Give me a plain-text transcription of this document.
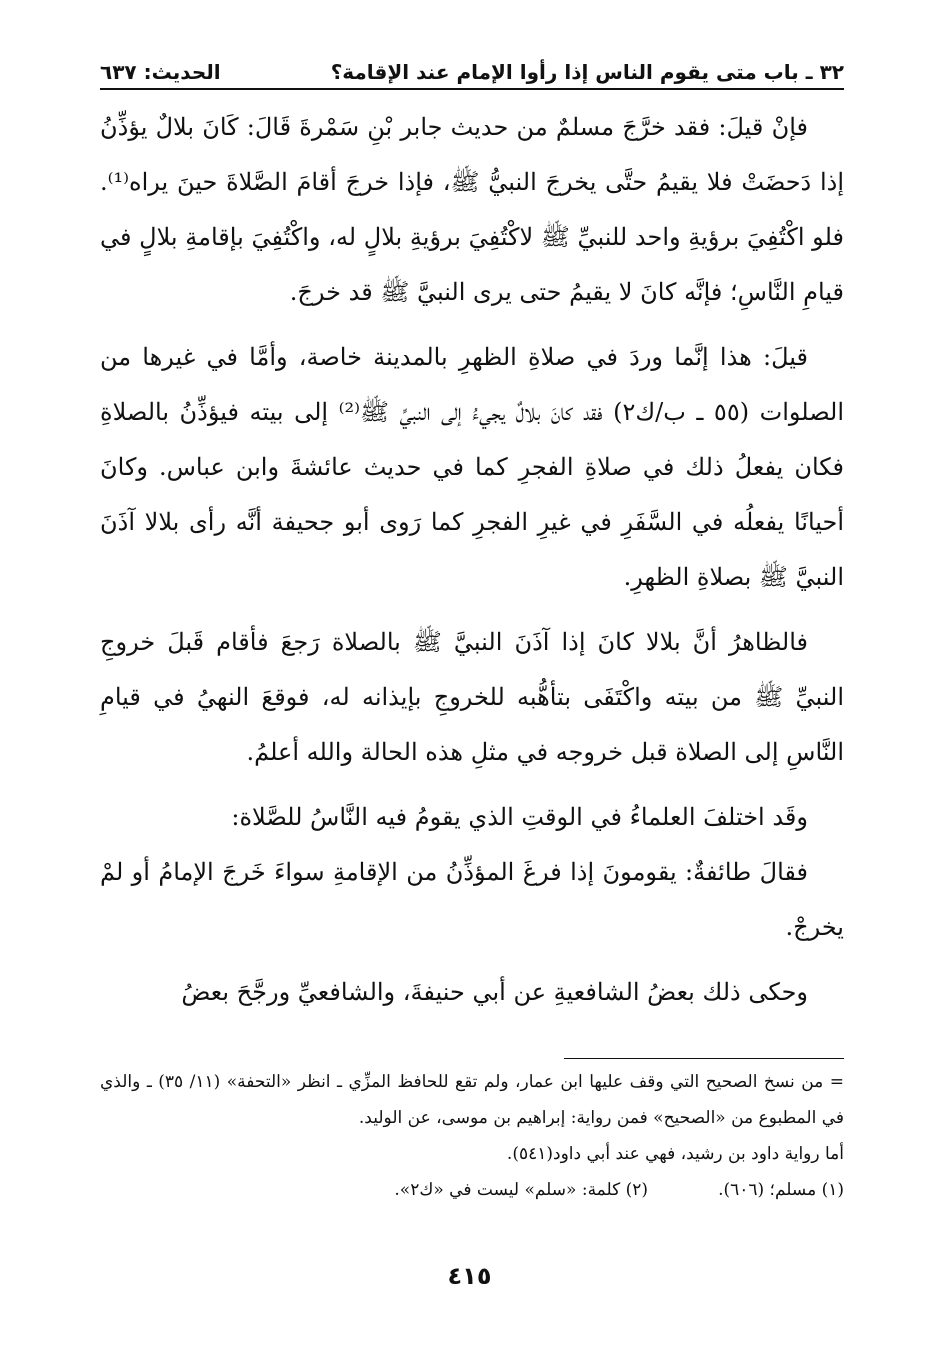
٣٢ ـ باب متى يقوم الناس إذا رأوا الإمام عند الإقامة؟
الحديث: ٦٣٧

فإنْ قيلَ: فقد خرَّجَ مسلمٌ من حديث جابر بْنِ سَمْرةَ قَالَ: كَانَ بلالٌ يؤذِّنُ إذا دَحضَتْ فلا يقيمُ حتَّى يخرجَ النبيُّ ﷺ، فإذا خرجَ أقامَ الصَّلاةَ حينَ يراه⁽¹⁾. فلو اكْتُفِيَ برؤيةِ واحد للنبيِّ ﷺ لاكْتُفِيَ برؤيةِ بلالٍ له، واكْتُفِيَ بإقامةِ بلالٍ في قيامِ النَّاسِ؛ فإنَّه كانَ لا يقيمُ حتى يرى النبيَّ ﷺ قد خرجَ.

قيلَ: هذا إنَّما وردَ في صلاةِ الظهرِ بالمدينة خاصة، وأمَّا في غيرها من الصلوات (٥٥ ـ ب/ك٢) فقد كانَ بلالٌ يجيءُ إلى النبيِّ ﷺ⁽²⁾ إلى بيته فيؤذِّنُ بالصلاةِ فكان يفعلُ ذلك في صلاةِ الفجرِ كما في حديث عائشةَ وابن عباس. وكانَ أحيانًا يفعلُه في السَّفَرِ في غيرِ الفجرِ كما رَوى أبو جحيفة أنَّه رأى بلالا آذَنَ النبيَّ ﷺ بصلاةِ الظهرِ.

فالظاهرُ أنَّ بلالا كانَ إذا آذَنَ النبيَّ ﷺ بالصلاة رَجعَ فأقام قَبلَ خروجِ النبيِّ ﷺ من بيته واكْتَفَى بتأهُّبه للخروجِ بإيذانه له، فوقعَ النهيُ في قيامِ النَّاسِ إلى الصلاة قبل خروجه في مثلِ هذه الحالة والله أعلمُ.

وقَد اختلفَ العلماءُ في الوقتِ الذي يقومُ فيه النَّاسُ للصَّلاة:

فقالَ طائفةٌ: يقومونَ إذا فرغَ المؤذِّنُ من الإقامةِ سواءَ خَرجَ الإمامُ أو لمْ يخرجْ.

وحكى ذلك بعضُ الشافعيةِ عن أبي حنيفةَ، والشافعيِّ ورجَّحَ بعضُ

= من نسخ الصحيح التي وقف عليها ابن عمار، ولم تقع للحافظ المزِّي ـ انظر «التحفة» (١١/ ٣٥) ـ والذي في المطبوع من «الصحيح» فمن رواية: إبراهيم بن موسى، عن الوليد.

أما رواية داود بن رشيد، فهي عند أبي داود(٥٤١).

(١) مسلم؛ (٦٠٦).
(٢) كلمة: «سلم» ليست في «ك٢».
٤١٥
